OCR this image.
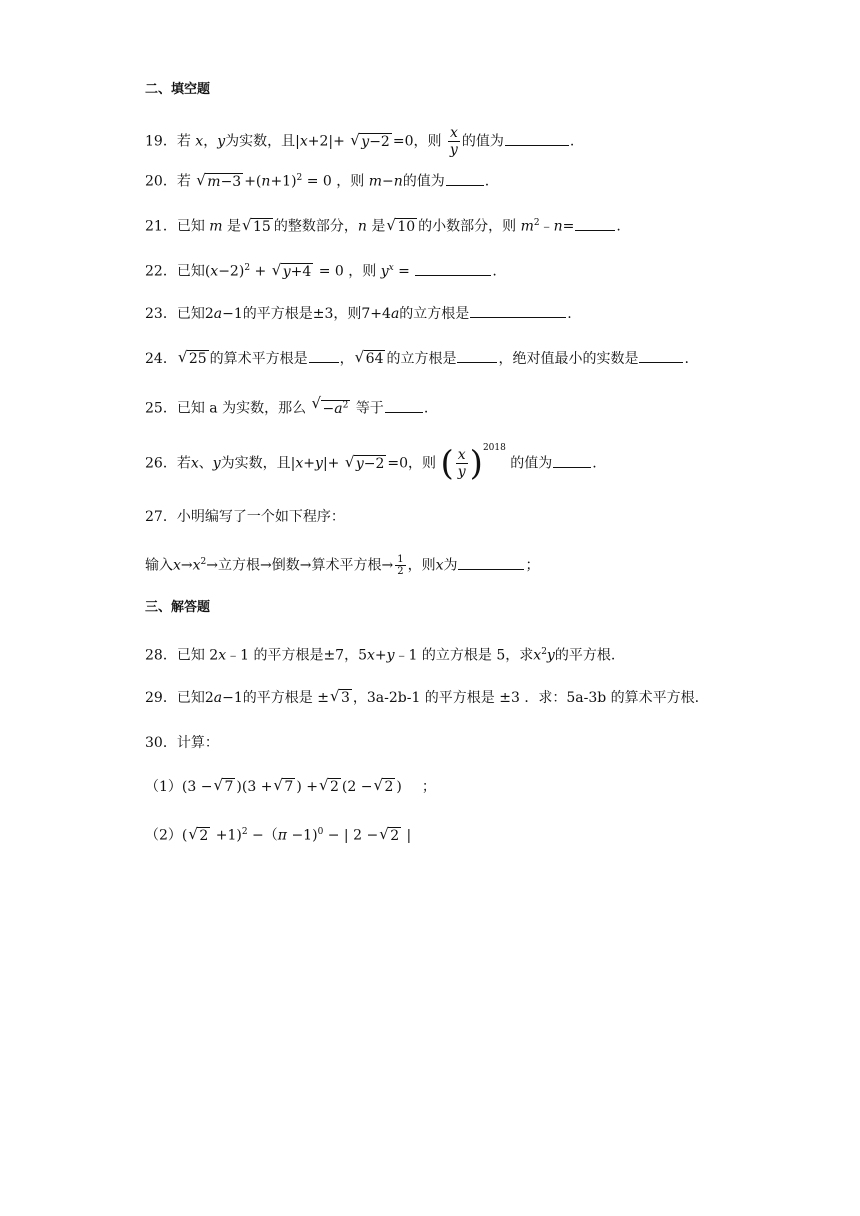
二、填空题
19．若 x，y为实数，且|x+2|+ √ y−2 =0，则 $\frac{x}{y}$ 的值为	.
20．若 √ $m-3 +(n+1)^2 = 0$ ，则 m−n的值为	.
21．已知 m 是 √ 15 的整数部分，n 是 √ 10 的小数部分，则 $m^2﹣n=$	.
22．已知$(x-2)^2$ + √ y+4 = 0 ，则 $y^x$ =	.
23．已知2a−1的平方根是±3，则7+4a的立方根是	.
24． √ 25 的算术平方根是 ， √ 64 的立方根是	，绝对值最小的实数是	.
25．已知 a 为实数，那么 √ $-a^2$ 等于	.
26．若x、y为实数，且|x+y|+ √ y−2 =0，则 ( $\frac{x}{y} )^{2018}$ 的值为	.
27．小明编写了一个如下程序：
输入$x\to x^2\to$立方根→倒数→算术平方根→ $\frac{1}{2}$ ，则x为	；
三、解答题
28．已知 2x﹣1 的平方根是±7，5x+y﹣1 的立方根是 5，求$x^2y$的平方根.
29．已知2a−1的平方根是 ± √ 3 ，3a-2b-1 的平方根是 ±3 ．求：5a-3b 的算术平方根.
30．计算：
（1）(3 − √ 7 )(3 + √ 7 ) + √ 2 (2 − √ 2 ) ；
（2）( √ 2 +1)$^2$ −（π −1)$^0$ − | 2 − √ 2 |
